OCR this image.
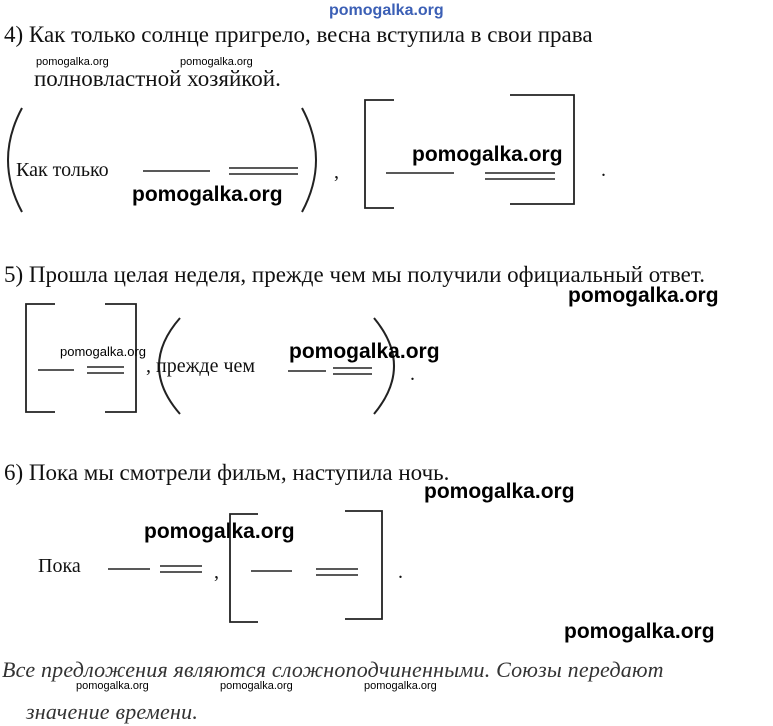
pomogalka.org
4) Как только солнце пригрело, весна вступила в свои права
pomogalka.org	pomogalka.org
полновластной хозяйкой.
Как только	,	.
pomogalka.org
pomogalka.org
5) Прошла целая неделя, прежде чем мы получили официальный ответ.
pomogalka.org
pomogalka.org	pomogalka.org
, прежде чем	.
6) Пока мы смотрели фильм, наступила ночь.
pomogalka.org
pomogalka.org
Пока	,	.
pomogalka.org
Все предложения являются сложноподчиненными. Союзы передают
pomogalka.org	pomogalka.org	pomogalka.org
значение времени.
